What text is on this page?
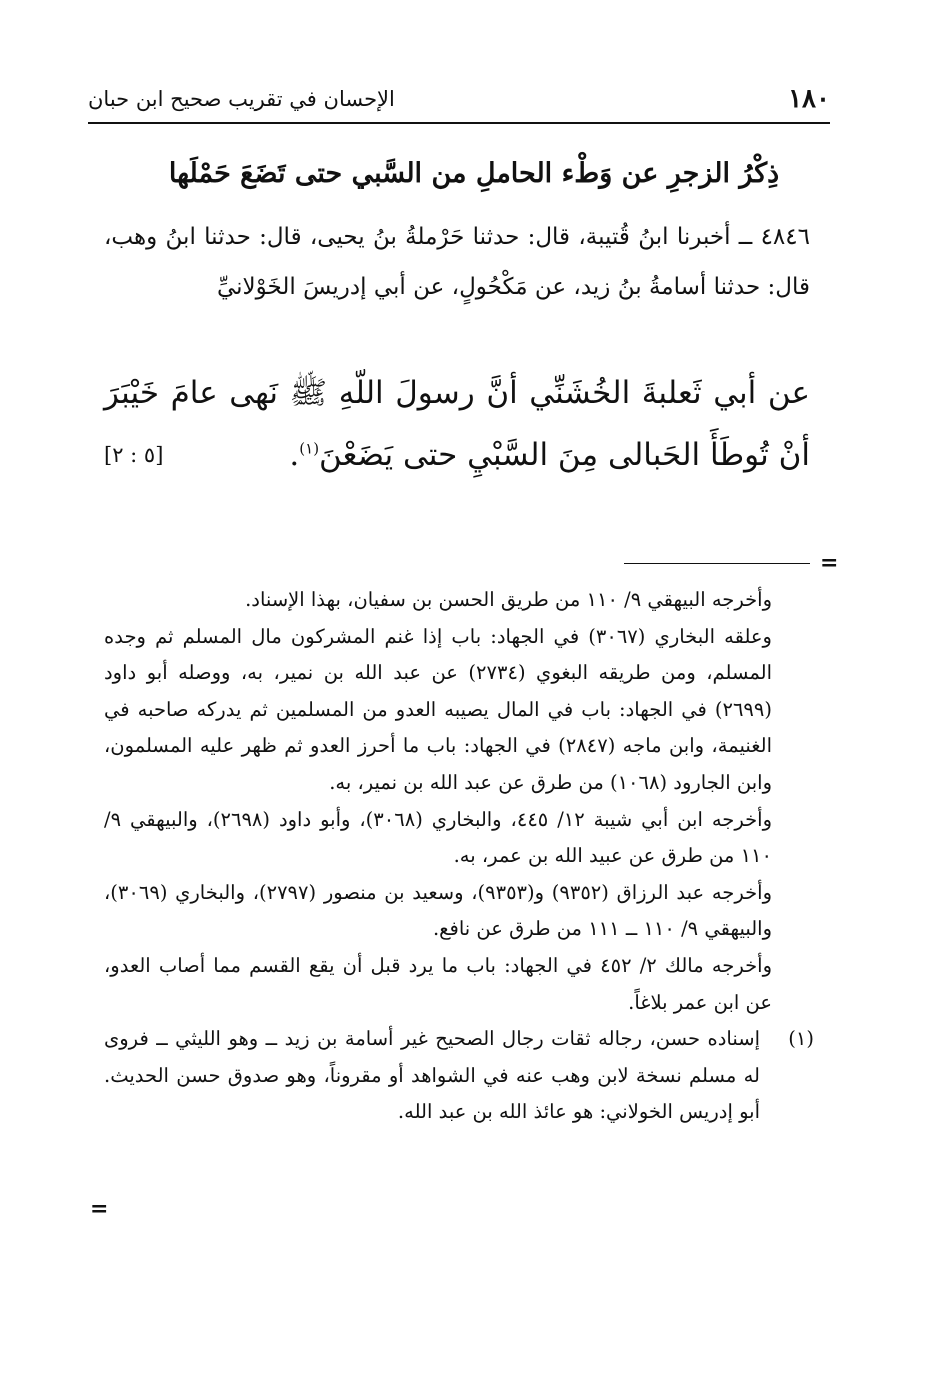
١٨٠
الإحسان في تقريب صحيح ابن حبان
ذِكْرُ الزجرِ عن وَطْء الحاملِ من السَّبي حتى تَضَعَ حَمْلَها
٤٨٤٦ ــ أخبرنا ابنُ قُتيبة، قال: حدثنا حَرْملةُ بنُ يحيى، قال: حدثنا ابنُ وهب، قال: حدثنا أسامةُ بنُ زيد، عن مَكْحُولٍ، عن أبي إدريسَ الخَوْلانيِّ
عن أبي ثَعلبةَ الخُشَنِّي أنَّ رسولَ اللّهِ ﷺ نَهى عامَ خَيْبَرَ أنْ تُوطَأَ الحَبالى مِنَ السَّبْيِ حتى يَضَعْنَ$^{(١)}$.
[٥ : ٢]
=

وأخرجه البيهقي ٩/ ١١٠ من طريق الحسن بن سفيان، بهذا الإسناد.

وعلقه البخاري (٣٠٦٧) في الجهاد: باب إذا غنم المشركون مال المسلم ثم وجده المسلم، ومن طريقه البغوي (٢٧٣٤) عن عبد الله بن نمير، به، ووصله أبو داود (٢٦٩٩) في الجهاد: باب في المال يصيبه العدو من المسلمين ثم يدركه صاحبه في الغنيمة، وابن ماجه (٢٨٤٧) في الجهاد: باب ما أحرز العدو ثم ظهر عليه المسلمون، وابن الجارود (١٠٦٨) من طرق عن عبد الله بن نمير، به.

وأخرجه ابن أبي شيبة ١٢/ ٤٤٥، والبخاري (٣٠٦٨)، وأبو داود (٢٦٩٨)، والبيهقي ٩/ ١١٠ من طرق عن عبيد الله بن عمر، به.

وأخرجه عبد الرزاق (٩٣٥٢) و(٩٣٥٣)، وسعيد بن منصور (٢٧٩٧)، والبخاري (٣٠٦٩)، والبيهقي ٩/ ١١٠ ــ ١١١ من طرق عن نافع.

وأخرجه مالك ٢/ ٤٥٢ في الجهاد: باب ما يرد قبل أن يقع القسم مما أصاب العدو، عن ابن عمر بلاغاً.

(١)
إسناده حسن، رجاله ثقات رجال الصحيح غير أسامة بن زيد ــ وهو الليثي ــ فروى له مسلم نسخة لابن وهب عنه في الشواهد أو مقروناً، وهو صدوق حسن الحديث. أبو إدريس الخولاني: هو عائذ الله بن عبد الله.

=
